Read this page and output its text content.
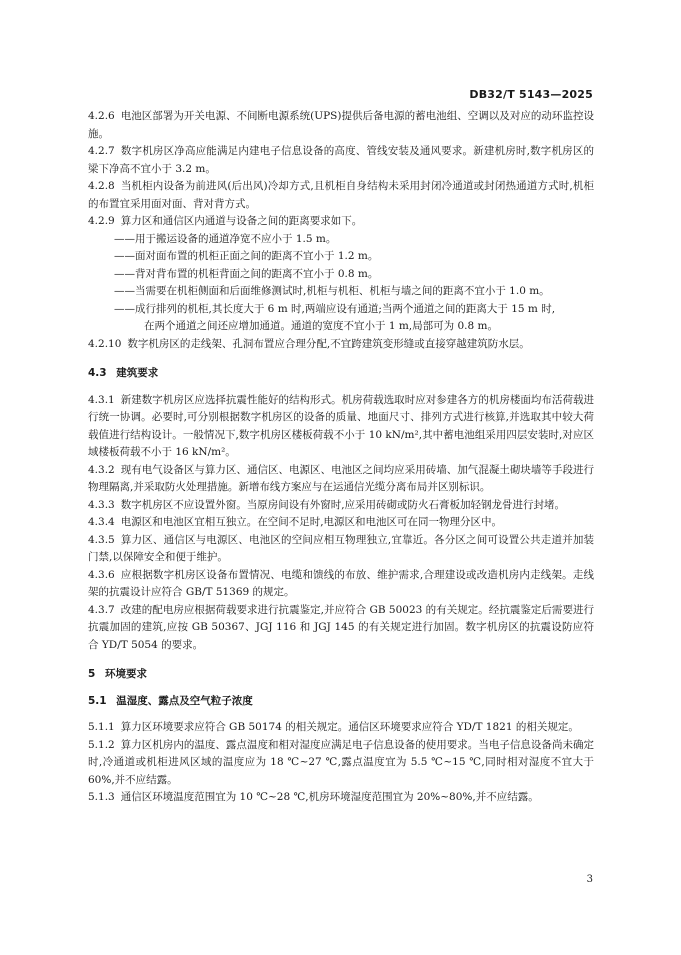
DB32/T 5143—2025

4.2.6 电池区部署为开关电源、不间断电源系统(UPS)提供后备电源的蓄电池组、空调以及对应的动环监控设施。

4.2.7 数字机房区净高应能满足内建电子信息设备的高度、管线安装及通风要求。新建机房时,数字机房区的梁下净高不宜小于 3.2 m。

4.2.8 当机柜内设备为前进风(后出风)冷却方式,且机柜自身结构未采用封闭冷通道或封闭热通道方式时,机柜的布置宜采用面对面、背对背方式。

4.2.9 算力区和通信区内通道与设备之间的距离要求如下。

——用于搬运设备的通道净宽不应小于 1.5 m。

——面对面布置的机柜正面之间的距离不宜小于 1.2 m。

——背对背布置的机柜背面之间的距离不宜小于 0.8 m。

——当需要在机柜侧面和后面维修测试时,机柜与机柜、机柜与墙之间的距离不宜小于 1.0 m。

——成行排列的机柜,其长度大于 6 m 时,两端应设有通道;当两个通道之间的距离大于 15 m 时,

在两个通道之间还应增加通道。通道的宽度不宜小于 1 m,局部可为 0.8 m。

4.2.10 数字机房区的走线架、孔洞布置应合理分配,不宜跨建筑变形缝或直接穿越建筑防水层。

4.3 建筑要求

4.3.1 新建数字机房区应选择抗震性能好的结构形式。机房荷载选取时应对参建各方的机房楼面均布活荷载进行统一协调。必要时,可分别根据数字机房区的设备的质量、地面尺寸、排列方式进行核算,并选取其中较大荷载值进行结构设计。一般情况下,数字机房区楼板荷载不小于 10 kN/m²,其中蓄电池组采用四层安装时,对应区域楼板荷载不小于 16 kN/m²。

4.3.2 现有电气设备区与算力区、通信区、电源区、电池区之间均应采用砖墙、加气混凝土砌块墙等手段进行物理隔离,并采取防火处理措施。新增布线方案应与在运通信光缆分离布局并区别标识。

4.3.3 数字机房区不应设置外窗。当原房间设有外窗时,应采用砖砌或防火石膏板加轻钢龙骨进行封堵。

4.3.4 电源区和电池区宜相互独立。在空间不足时,电源区和电池区可在同一物理分区中。

4.3.5 算力区、通信区与电源区、电池区的空间应相互物理独立,宜靠近。各分区之间可设置公共走道并加装门禁,以保障安全和便于维护。

4.3.6 应根据数字机房区设备布置情况、电缆和馈线的布放、维护需求,合理建设或改造机房内走线架。走线架的抗震设计应符合 GB/T 51369 的规定。

4.3.7 改建的配电房应根据荷载要求进行抗震鉴定,并应符合 GB 50023 的有关规定。经抗震鉴定后需要进行抗震加固的建筑,应按 GB 50367、JGJ 116 和 JGJ 145 的有关规定进行加固。数字机房区的抗震设防应符合 YD/T 5054 的要求。

5 环境要求

5.1 温湿度、露点及空气粒子浓度

5.1.1 算力区环境要求应符合 GB 50174 的相关规定。通信区环境要求应符合 YD/T 1821 的相关规定。

5.1.2 算力区机房内的温度、露点温度和相对湿度应满足电子信息设备的使用要求。当电子信息设备尚未确定时,冷通道或机柜进风区域的温度应为 18 ℃~27 ℃,露点温度宜为 5.5 ℃~15 ℃,同时相对湿度不宜大于 60%,并不应结露。

5.1.3 通信区环境温度范围宜为 10 ℃~28 ℃,机房环境湿度范围宜为 20%~80%,并不应结露。

3
